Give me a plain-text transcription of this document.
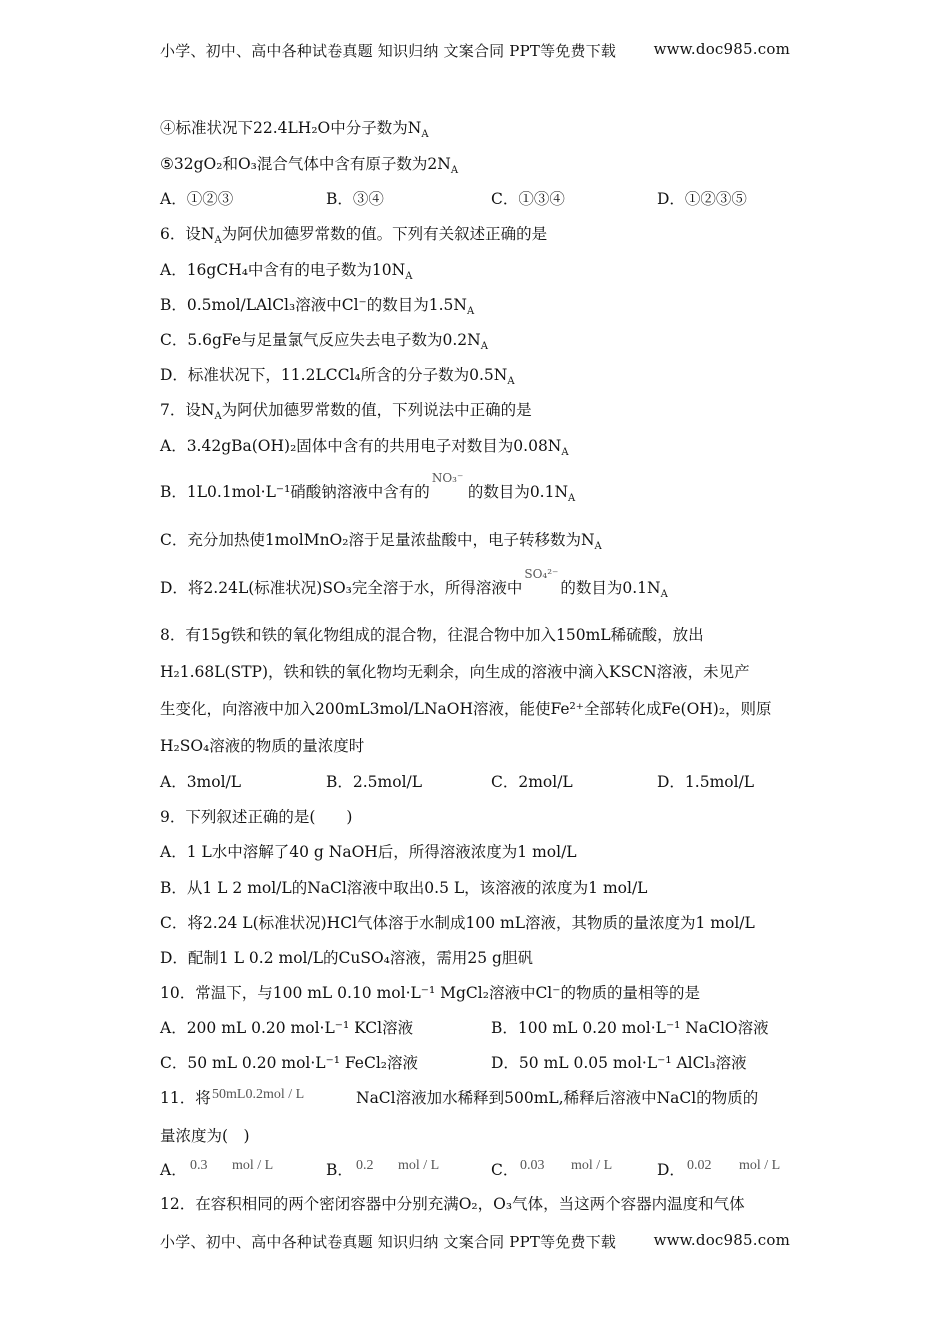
小学、初中、高中各种试卷真题 知识归纳 文案合同 PPT等免费下载 www.doc985.com
④标准状况下22.4LH₂O中分子数为$N_A$
⑤32gO₂和O₃混合气体中含有原子数为$2N_A$
A．①②③	B．③④	C．①③④	D．①②③⑤
6．设$N_A$为阿伏加德罗常数的值。下列有关叙述正确的是
A．16gCH₄中含有的电子数为$10N_A$
B．0.5mol/LAlCl₃溶液中Cl⁻的数目为$1.5N_A$
C．5.6gFe与足量氯气反应失去电子数为$0.2N_A$
D．标准状况下，11.2LCCl₄所含的分子数为$0.5N_A$
7．设$N_A$为阿伏加德罗常数的值，下列说法中正确的是
A．3.42gBa(OH)₂固体中含有的共用电子对数目为$0.08N_A$
B．1L0.1mol·L⁻¹硝酸钠溶液中含有的
NO₃⁻
的数目为$0.1N_A$
C．充分加热使1molMnO₂溶于足量浓盐酸中，电子转移数为$N_A$
D．将2.24L(标准状况)SO₃完全溶于水，所得溶液中
SO₄²⁻
的数目为$0.1N_A$
8．有15g铁和铁的氧化物组成的混合物，往混合物中加入150mL稀硫酸，放出
H₂1.68L(STP)，铁和铁的氧化物均无剩余，向生成的溶液中滴入KSCN溶液，未见产
生变化，向溶液中加入200mL3mol/LNaOH溶液，能使Fe²⁺全部转化成Fe(OH)₂，则原
H₂SO₄溶液的物质的量浓度时
A．3mol/L	B．2.5mol/L	C．2mol/L	D．1.5mol/L
9．下列叙述正确的是(　　)
A．1 L水中溶解了40 g NaOH后，所得溶液浓度为1 mol/L
B．从1 L 2 mol/L的NaCl溶液中取出0.5 L，该溶液的浓度为1 mol/L
C．将2.24 L(标准状况)HCl气体溶于水制成100 mL溶液，其物质的量浓度为1 mol/L
D．配制1 L 0.2 mol/L的CuSO₄溶液，需用25 g胆矾
10．常温下，与100 mL 0.10 mol·L⁻¹ MgCl₂溶液中Cl⁻的物质的量相等的是
A．200 mL 0.20 mol·L⁻¹ KCl溶液	B．100 mL 0.20 mol·L⁻¹ NaClO溶液
C．50 mL 0.20 mol·L⁻¹ FeCl₂溶液	D．50 mL 0.05 mol·L⁻¹ AlCl₃溶液
11．将 50mL0.2mol / L	NaCl溶液加水稀释到500mL,稀释后溶液中NaCl的物质的
量浓度为(　)
A． 0.3 mol / L	B． 0.2 mol / L	C． 0.03 mol / L	D． 0.02 mol / L
12．在容积相同的两个密闭容器中分别充满O₂，O₃气体，当这两个容器内温度和气体
小学、初中、高中各种试卷真题 知识归纳 文案合同 PPT等免费下载 www.doc985.com
